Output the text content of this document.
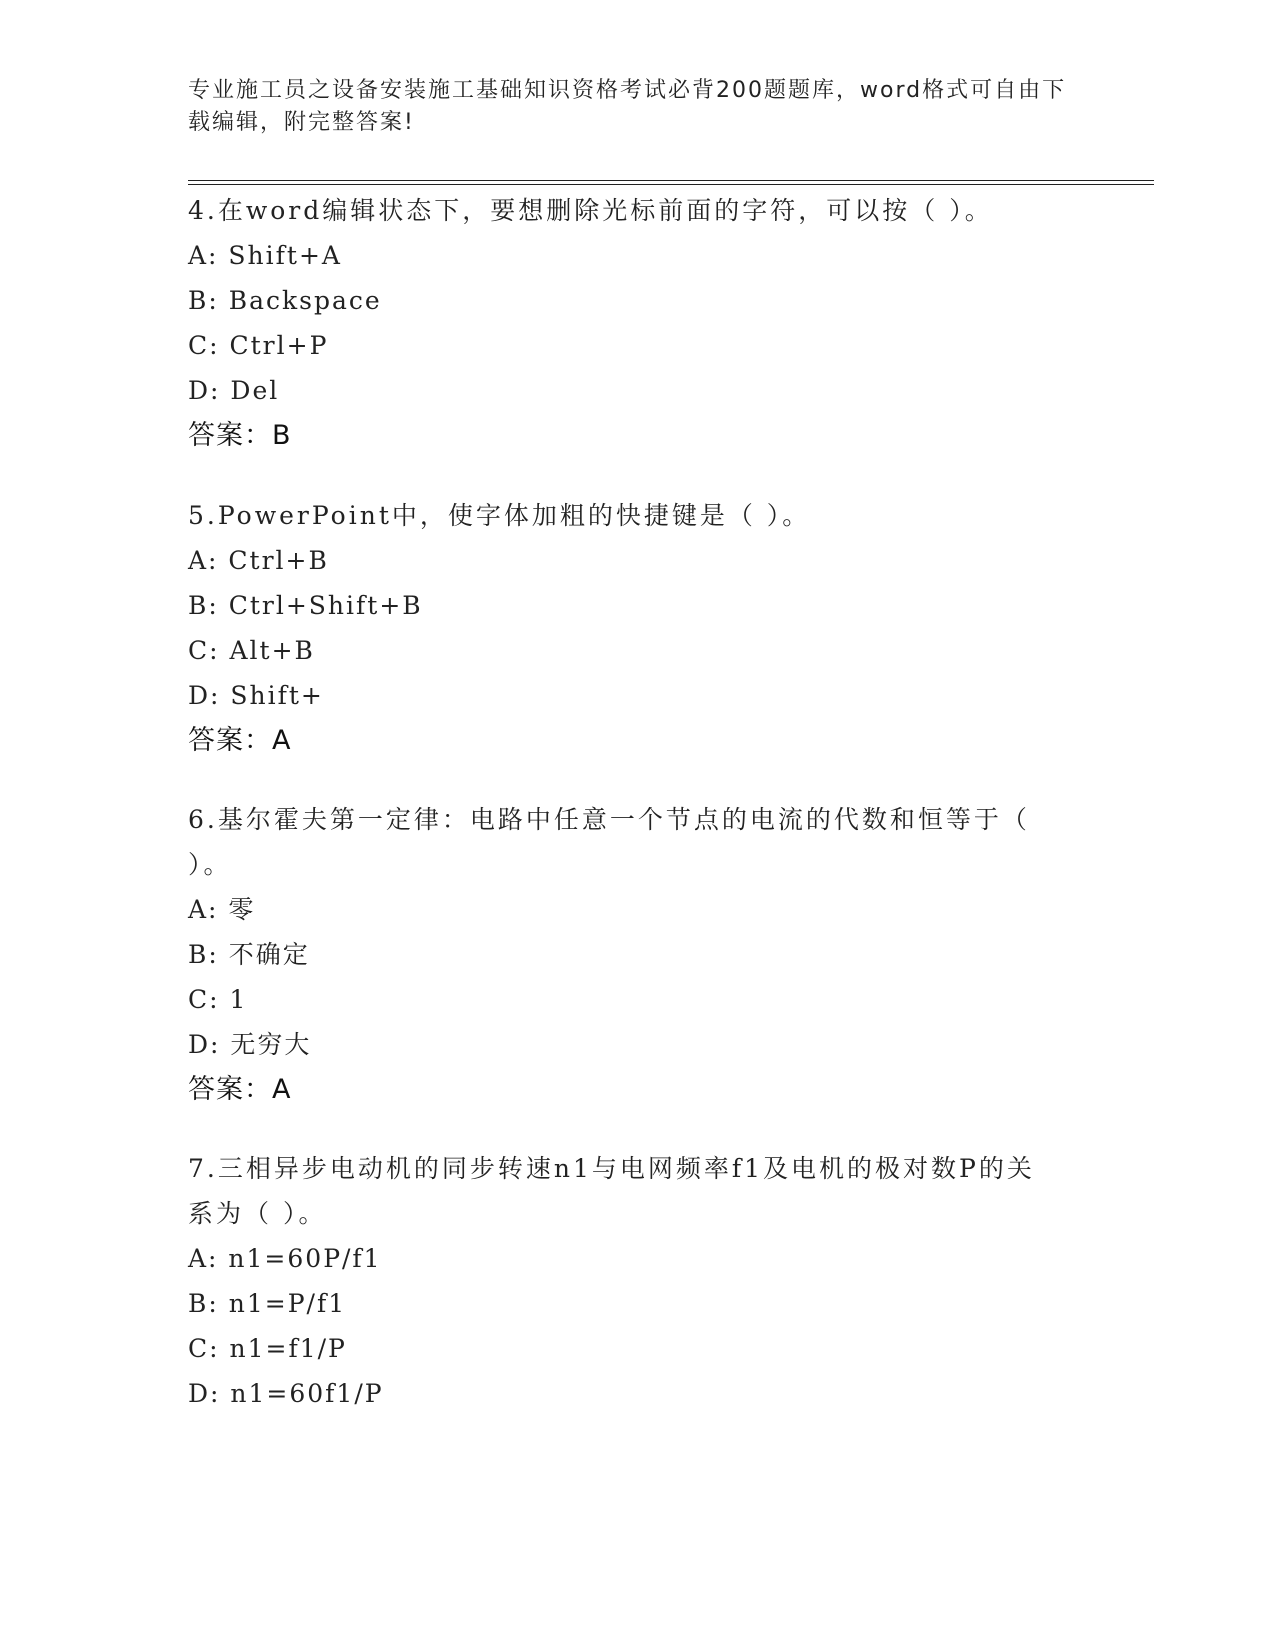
专业施工员之设备安装施工基础知识资格考试必背200题题库，word格式可自由下载编辑，附完整答案!
4.在word编辑状态下，要想删除光标前面的字符，可以按（ ）。
A: Shift+A
B: Backspace
C: Ctrl+P
D: Del
答案：B
5.PowerPoint中，使字体加粗的快捷键是（ ）。
A: Ctrl+B
B: Ctrl+Shift+B
C: Alt+B
D: Shift+
答案：A
6.基尔霍夫第一定律：电路中任意一个节点的电流的代数和恒等于（ ）。
A: 零
B: 不确定
C: 1
D: 无穷大
答案：A
7.三相异步电动机的同步转速n1与电网频率f1及电机的极对数P的关系为（ ）。
A: n1=60P/f1
B: n1=P/f1
C: n1=f1/P
D: n1=60f1/P
